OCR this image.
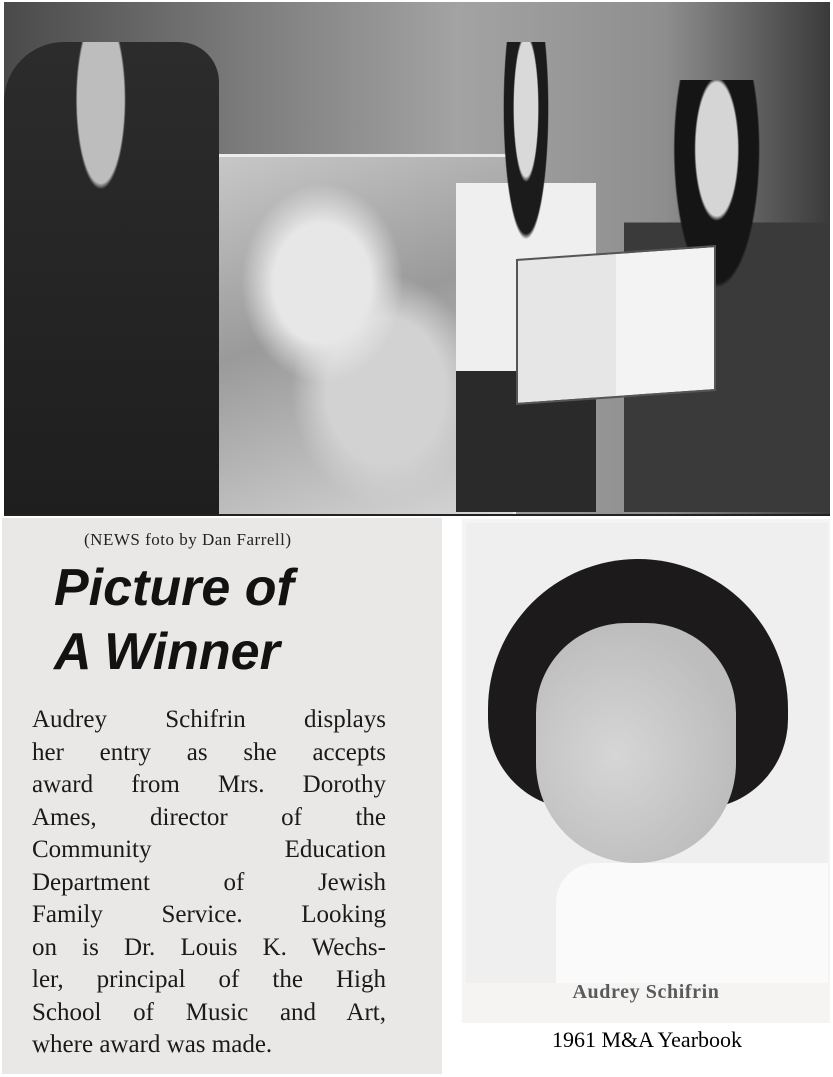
(NEWS foto by Dan Farrell)
Picture of
A Winner
Audrey Schifrin displays
her entry as she accepts
award from Mrs. Dorothy
Ames, director of the
Community Education
Department of Jewish
Family Service. Looking
on is Dr. Louis K. Wechs-
ler, principal of the High
School of Music and Art,
where award was made.
Audrey Schifrin
1961 M&A Yearbook
